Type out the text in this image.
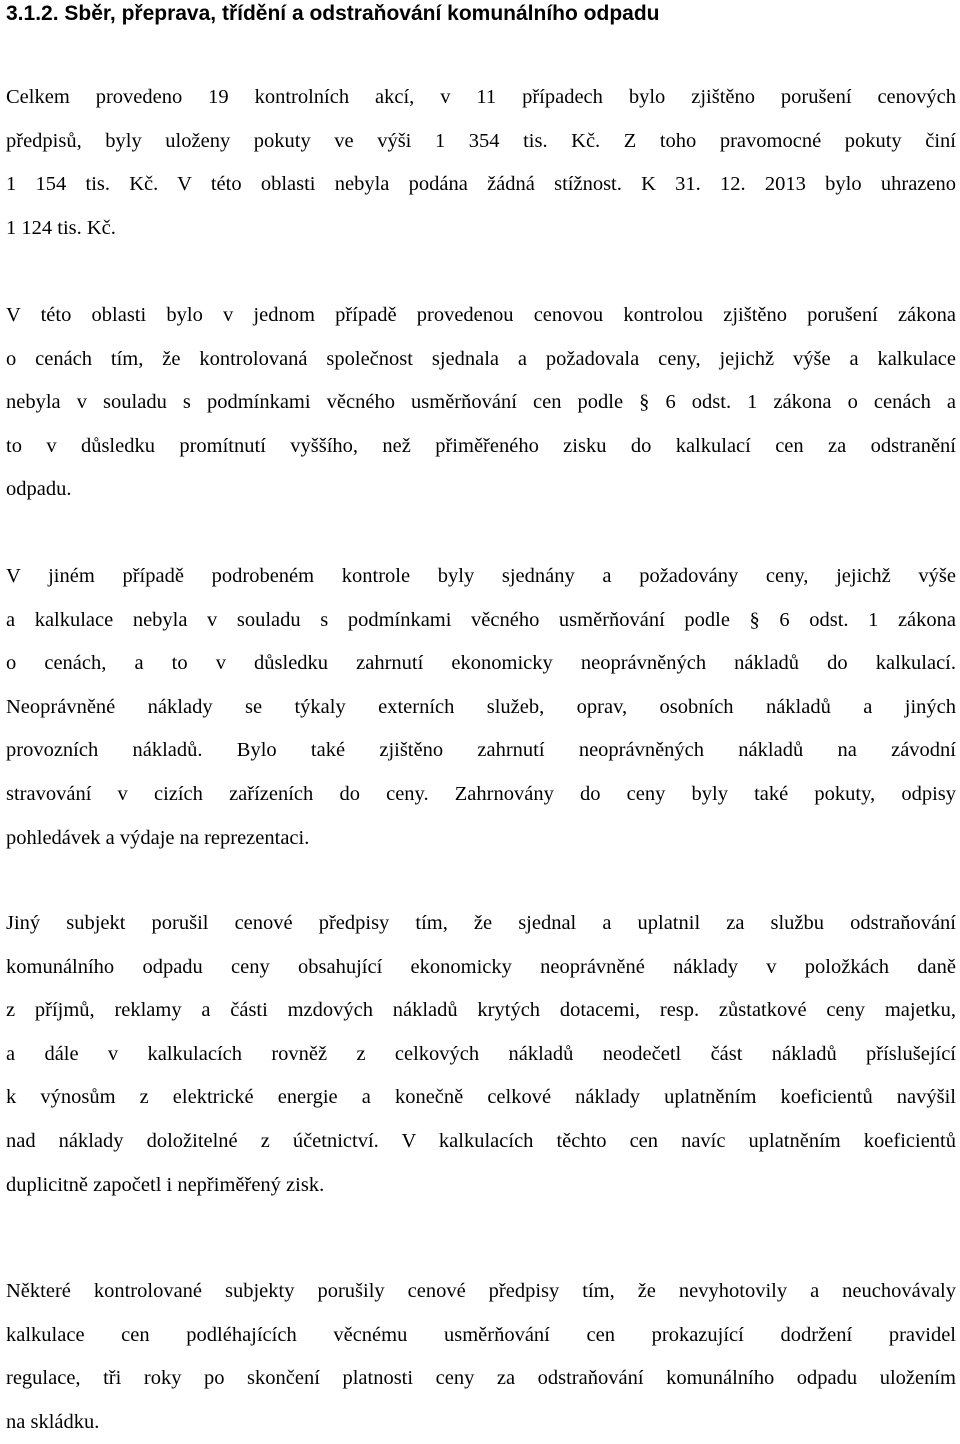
3.1.2. Sběr, přeprava, třídění a odstraňování komunálního odpadu
Celkem provedeno 19 kontrolních akcí, v 11 případech bylo zjištěno porušení cenových
předpisů, byly uloženy pokuty ve výši 1 354 tis. Kč. Z toho pravomocné pokuty činí
1 154 tis. Kč. V této oblasti nebyla podána žádná stížnost. K 31. 12. 2013 bylo uhrazeno
1 124 tis. Kč.
V této oblasti bylo v jednom případě provedenou cenovou kontrolou zjištěno porušení zákona
o cenách tím, že kontrolovaná společnost sjednala a požadovala ceny, jejichž výše a kalkulace
nebyla v souladu s podmínkami věcného usměrňování cen podle § 6 odst. 1 zákona o cenách a
to v důsledku promítnutí vyššího, než přiměřeného zisku do kalkulací cen za odstranění
odpadu.
V jiném případě podrobeném kontrole byly sjednány a požadovány ceny, jejichž výše
a kalkulace nebyla v souladu s podmínkami věcného usměrňování podle § 6 odst. 1 zákona
o cenách, a to v důsledku zahrnutí ekonomicky neoprávněných nákladů do kalkulací.
Neoprávněné náklady se týkaly externích služeb, oprav, osobních nákladů a jiných
provozních nákladů. Bylo také zjištěno zahrnutí neoprávněných nákladů na závodní
stravování v cizích zařízeních do ceny. Zahrnovány do ceny byly také pokuty, odpisy
pohledávek a výdaje na reprezentaci.
Jiný subjekt porušil cenové předpisy tím, že sjednal a uplatnil za službu odstraňování
komunálního odpadu ceny obsahující ekonomicky neoprávněné náklady v položkách daně
z příjmů, reklamy a části mzdových nákladů krytých dotacemi, resp. zůstatkové ceny majetku,
a dále v kalkulacích rovněž z celkových nákladů neodečetl část nákladů příslušející
k výnosům z elektrické energie a konečně celkové náklady uplatněním koeficientů navýšil
nad náklady doložitelné z účetnictví. V kalkulacích těchto cen navíc uplatněním koeficientů
duplicitně započetl i nepřiměřený zisk.
Některé kontrolované subjekty porušily cenové předpisy tím, že nevyhotovily a neuchovávaly
kalkulace cen podléhajících věcnému usměrňování cen prokazující dodržení pravidel
regulace, tři roky po skončení platnosti ceny za odstraňování komunálního odpadu uložením
na skládku.
